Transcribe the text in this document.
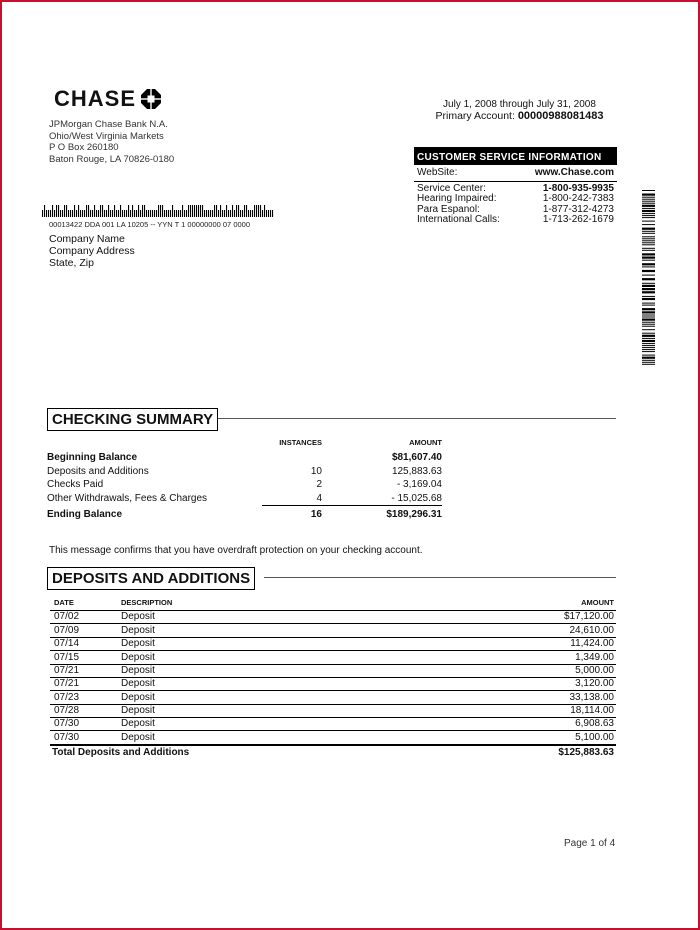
CHASE
JPMorgan Chase Bank N.A.
Ohio/West Virginia Markets
P O Box 260180
Baton Rouge, LA 70826-0180
July 1, 2008 through July 31, 2008
Primary Account: 00000988081483
CUSTOMER SERVICE INFORMATION
WebSite:	www.Chase.com
Service Center:	1-800-935-9935
Hearing Impaired:	1-800-242-7383
Para Espanol:	1-877-312-4273
International Calls:	1-713-262-1679
00013422 DDA 001 LA 10205 -- YYN T 1 00000000 07 0000
Company Name
Company Address
State, Zip
CHECKING SUMMARY
	INSTANCES	AMOUNT
Beginning Balance		$81,607.40
Deposits and Additions	10	125,883.63
Checks Paid	2	- 3,169.04
Other Withdrawals, Fees & Charges	4	- 15,025.68
Ending Balance	16	$189,296.31
This message confirms that you have overdraft protection on your checking account.
DEPOSITS AND ADDITIONS
DATE	DESCRIPTION	AMOUNT
07/02	Deposit	$17,120.00
07/09	Deposit	24,610.00
07/14	Deposit	11,424.00
07/15	Deposit	1,349.00
07/21	Deposit	5,000.00
07/21	Deposit	3,120.00
07/23	Deposit	33,138.00
07/28	Deposit	18,114.00
07/30	Deposit	6,908.63
07/30	Deposit	5,100.00
Total Deposits and Additions		$125,883.63
Page 1 of 4
